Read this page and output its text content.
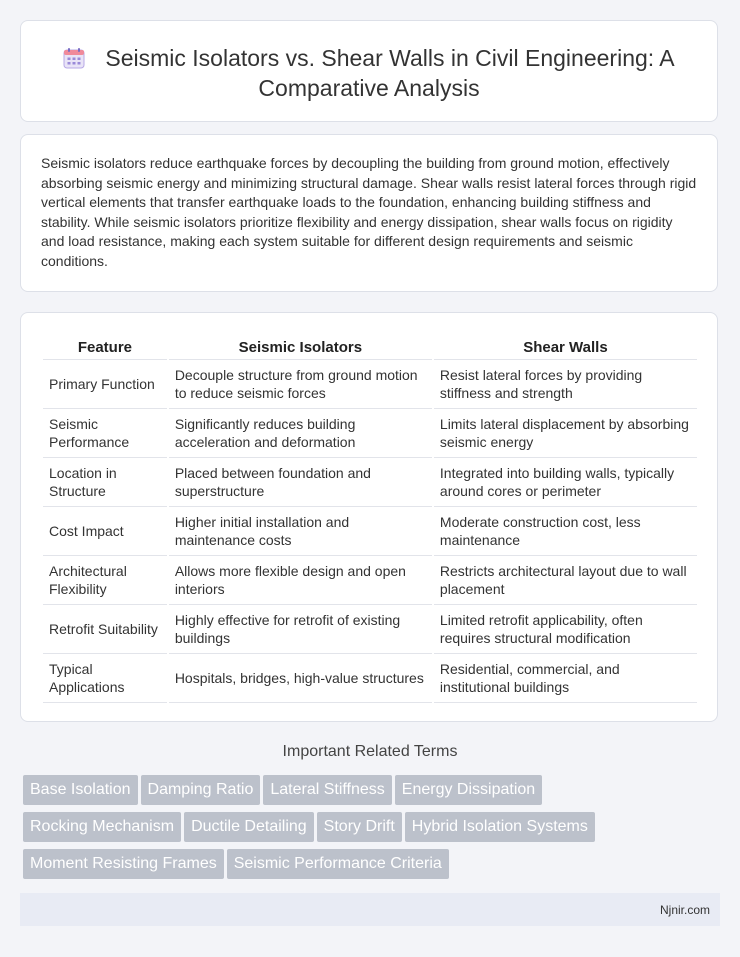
Seismic Isolators vs. Shear Walls in Civil Engineering: A Comparative Analysis
Seismic isolators reduce earthquake forces by decoupling the building from ground motion, effectively absorbing seismic energy and minimizing structural damage. Shear walls resist lateral forces through rigid vertical elements that transfer earthquake loads to the foundation, enhancing building stiffness and stability. While seismic isolators prioritize flexibility and energy dissipation, shear walls focus on rigidity and load resistance, making each system suitable for different design requirements and seismic conditions.
Feature	Seismic Isolators	Shear Walls
Primary Function	Decouple structure from ground motion to reduce seismic forces	Resist lateral forces by providing stiffness and strength
Seismic Performance	Significantly reduces building acceleration and deformation	Limits lateral displacement by absorbing seismic energy
Location in Structure	Placed between foundation and superstructure	Integrated into building walls, typically around cores or perimeter
Cost Impact	Higher initial installation and maintenance costs	Moderate construction cost, less maintenance
Architectural Flexibility	Allows more flexible design and open interiors	Restricts architectural layout due to wall placement
Retrofit Suitability	Highly effective for retrofit of existing buildings	Limited retrofit applicability, often requires structural modification
Typical Applications	Hospitals, bridges, high-value structures	Residential, commercial, and institutional buildings
Important Related Terms
Base Isolation Damping Ratio Lateral Stiffness Energy Dissipation
Rocking Mechanism Ductile Detailing Story Drift Hybrid Isolation Systems
Moment Resisting Frames Seismic Performance Criteria
Njnir.com
